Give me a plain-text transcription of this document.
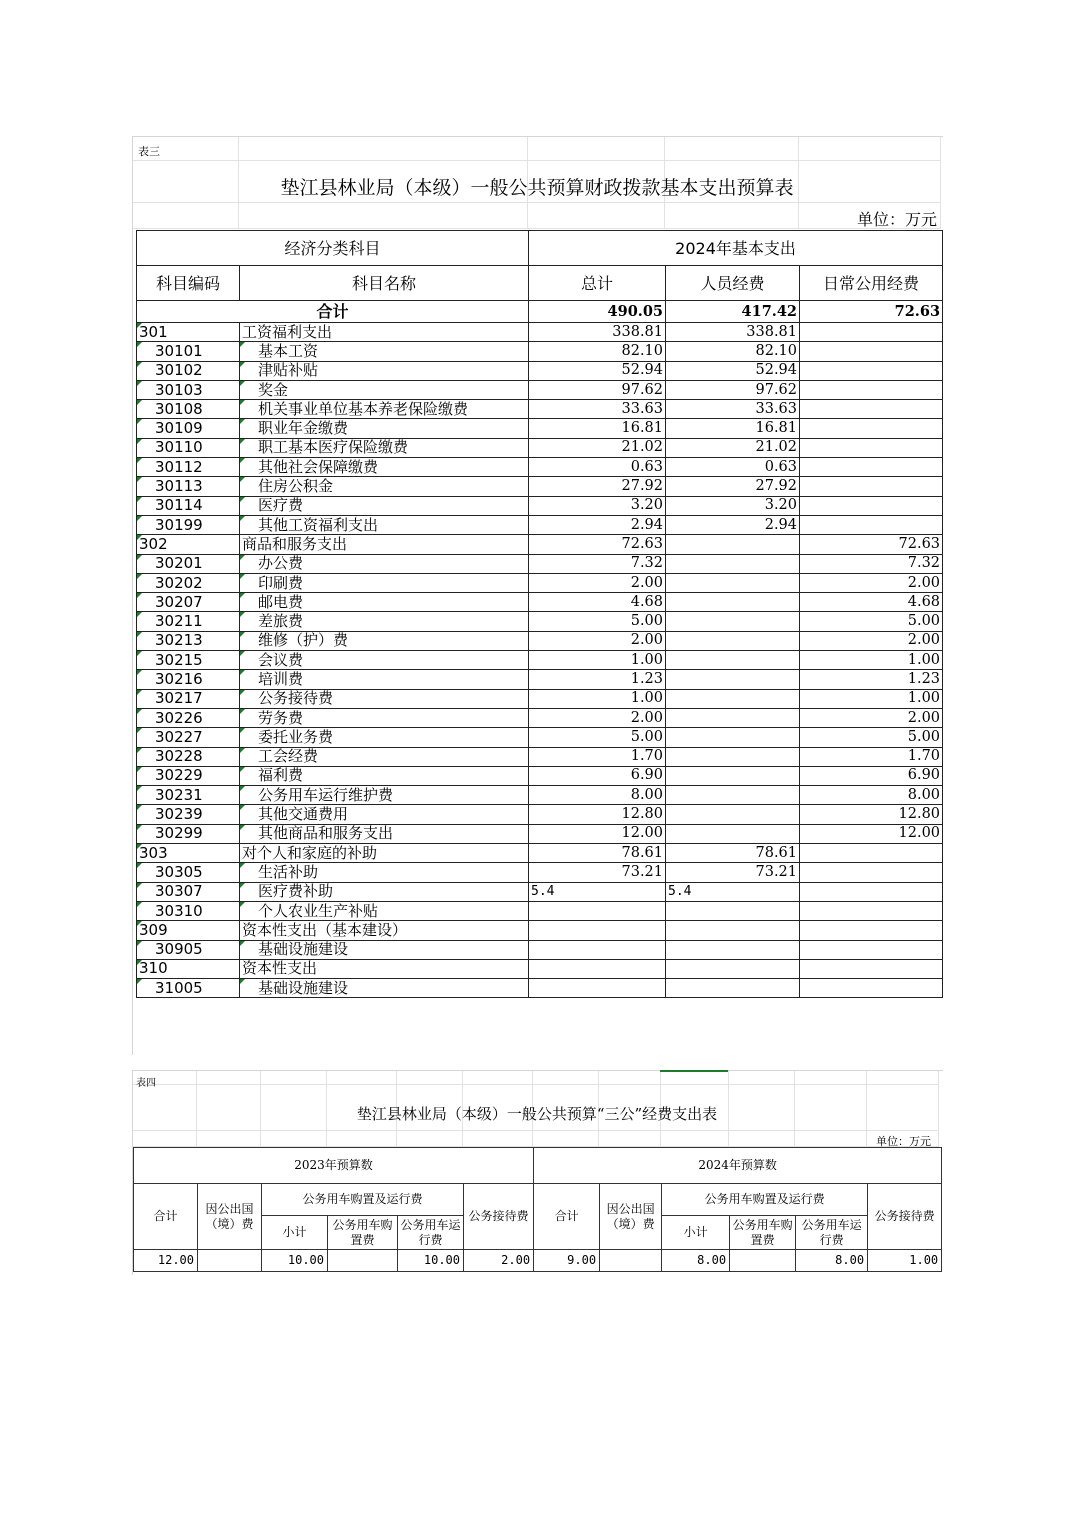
表三
垫江县林业局（本级）一般公共预算财政拨款基本支出预算表
单位：万元
经济分类科目		2024年基本支出		
科目编码	科目名称	总计	人员经费	日常公用经费
合计		490.05	417.42	72.63

301	工资福利支出	338.81	338.81	

30101	基本工资	82.10	82.10	

30102	津贴补贴	52.94	52.94	

30103	奖金	97.62	97.62	

30108	机关事业单位基本养老保险缴费	33.63	33.63	

30109	职业年金缴费	16.81	16.81	

30110	职工基本医疗保险缴费	21.02	21.02	

30112	其他社会保障缴费	0.63	0.63	

30113	住房公积金	27.92	27.92	

30114	医疗费	3.20	3.20	

30199	其他工资福利支出	2.94	2.94	

302	商品和服务支出	72.63		72.63

30201	办公费	7.32		7.32

30202	印刷费	2.00		2.00

30207	邮电费	4.68		4.68

30211	差旅费	5.00		5.00

30213	维修（护）费	2.00		2.00

30215	会议费	1.00		1.00

30216	培训费	1.23		1.23

30217	公务接待费	1.00		1.00

30226	劳务费	2.00		2.00

30227	委托业务费	5.00		5.00

30228	工会经费	1.70		1.70

30229	福利费	6.90		6.90

30231	公务用车运行维护费	8.00		8.00

30239	其他交通费用	12.80		12.80

30299	其他商品和服务支出	12.00		12.00

303	对个人和家庭的补助	78.61	78.61	

30305	生活补助	73.21	73.21	

30307	医疗费补助	5.4	5.4	

30310	个人农业生产补贴			

309	资本性支出（基本建设）			

30905	基础设施建设			

310	资本性支出			

31005	基础设施建设			
表四
垫江县林业局（本级）一般公共预算“三公”经费支出表
单位：万元
2023年预算数						2024年预算数					
合计	因公出国（境）费	公务用车购置及运行费			公务接待费	合计	因公出国（境）费	公务用车购置及运行费			公务接待费
		小计	公务用车购置费	公务用车运行费				小计	公务用车购置费	公务用车运行费	
12.00		10.00		10.00	2.00	9.00		8.00		8.00	1.00
